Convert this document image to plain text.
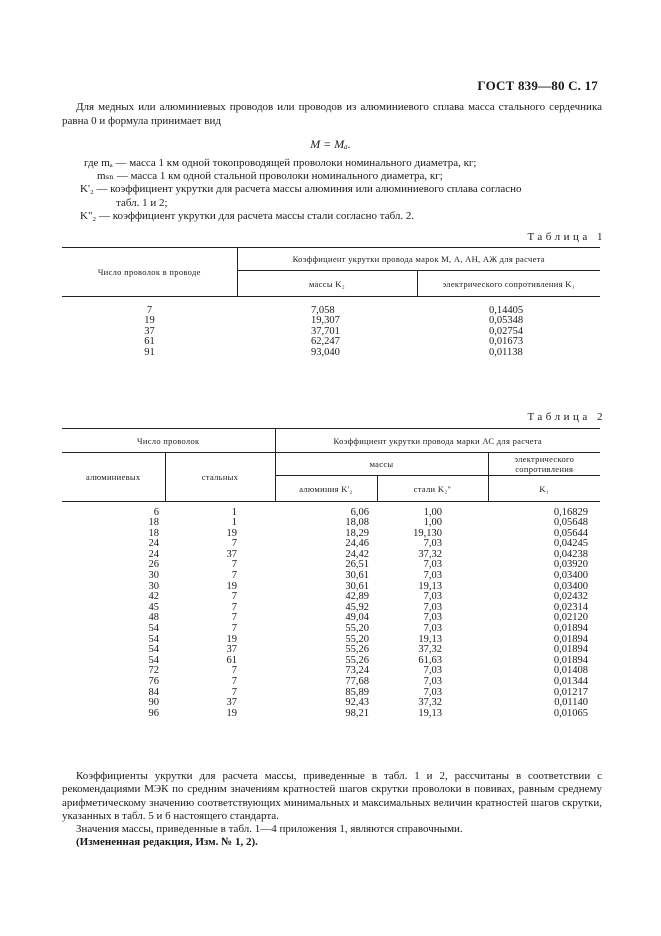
ГОСТ 839—80 С. 17
Для медных или алюминиевых проводов или проводов из алюминиевого сплава масса стального сердечника равна 0 и формула принимает вид
M = Mₐ.
где mₐ — масса 1 км одной токопроводящей проволоки номинального диаметра, кг;
mₛₙ — масса 1 км одной стальной проволоки номинального диаметра, кг;
K'₂ — коэффициент укрутки для расчета массы алюминия или алюминиевого сплава согласно
табл. 1 и 2;
K"₂ — коэффициент укрутки для расчета массы стали согласно табл. 2.
Таблица 1
Число проволок в проводе	Коэффициент укрутки провода марок М, А, АН, АЖ для расчета	
	массы K₂	электрического сопротивления K₁

7	7,058	0,14405
19	19,307	0,05348
37	37,701	0,02754
61	62,247	0,01673
91	93,040	0,01138
Таблица 2
Число проволок		Коэффициент укрутки провода марки АС для расчета		
алюминиевых	стальных	массы		электрического сопротивления
		алюминия K'₂	стали K₂"	K₁

6	1	6,06	1,00	0,16829
18	1	18,08	1,00	0,05648
18	19	18,29	19,130	0,05644
24	7	24,46	7,03	0,04245
24	37	24,42	37,32	0,04238
26	7	26,51	7,03	0,03920
30	7	30,61	7,03	0,03400
30	19	30,61	19,13	0,03400
42	7	42,89	7,03	0,02432
45	7	45,92	7,03	0,02314
48	7	49,04	7,03	0,02120
54	7	55,20	7,03	0,01894
54	19	55,20	19,13	0,01894
54	37	55,26	37,32	0,01894
54	61	55,26	61,63	0,01894
72	7	73,24	7,03	0,01408
76	7	77,68	7,03	0,01344
84	7	85,89	7,03	0,01217
90	37	92,43	37,32	0,01140
96	19	98,21	19,13	0,01065
Коэффициенты укрутки для расчета массы, приведенные в табл. 1 и 2, рассчитаны в соответствии с рекомендациями МЭК по средним значениям кратностей шагов скрутки проволоки в повивах, равным среднему арифметическому значению соответствующих минимальных и максимальных величин кратностей шагов скрутки, указанных в табл. 5 и 6 настоящего стандарта.
Значения массы, приведенные в табл. 1—4 приложения 1, являются справочными.
(Измененная редакция, Изм. № 1, 2).
